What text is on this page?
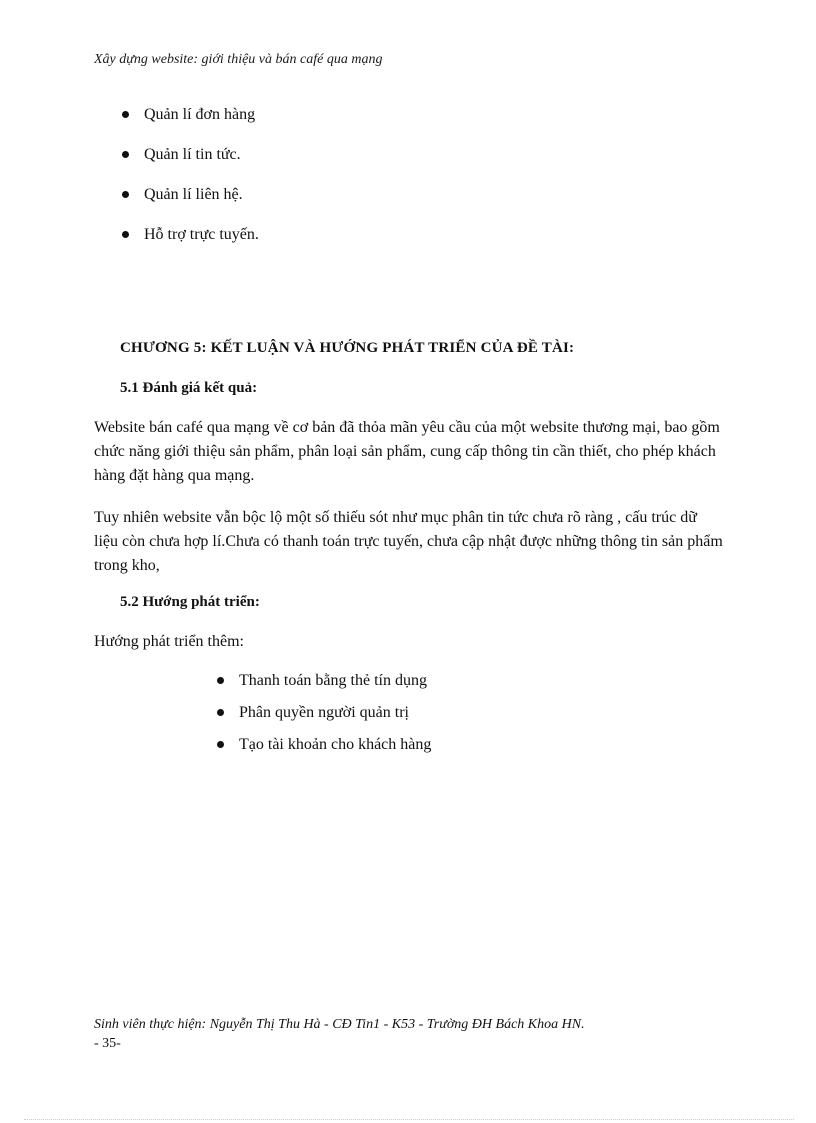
Xây dựng website: giới thiệu và bán café qua mạng
Quản lí đơn hàng
Quản lí tin tức.
Quản lí liên hệ.
Hỗ trợ trực tuyến.
CHƯƠNG 5: KẾT LUẬN VÀ HƯỚNG PHÁT TRIỂN CỦA ĐỀ TÀI:
5.1 Đánh giá kết quả:

Website bán café qua mạng về cơ bản đã thỏa mãn yêu cầu của một website thương mại, bao gồm chức năng giới thiệu sản phẩm, phân loại sản phẩm, cung cấp thông tin cần thiết, cho phép khách hàng đặt hàng qua mạng.

Tuy nhiên website vẫn bộc lộ một số thiếu sót như mục phân tin tức chưa rõ ràng , cấu trúc dữ liệu còn chưa hợp lí.Chưa có thanh toán trực tuyến, chưa cập nhật được những thông tin sản phẩm trong kho,

5.2 Hướng phát triển:

Hướng phát triển thêm:

Thanh toán bằng thẻ tín dụng
Phân quyền người quản trị
Tạo tài khoản cho khách hàng
Sinh viên thực hiện: Nguyễn Thị Thu Hà - CĐ Tin1 - K53 - Trường ĐH Bách Khoa HN.
- 35-
